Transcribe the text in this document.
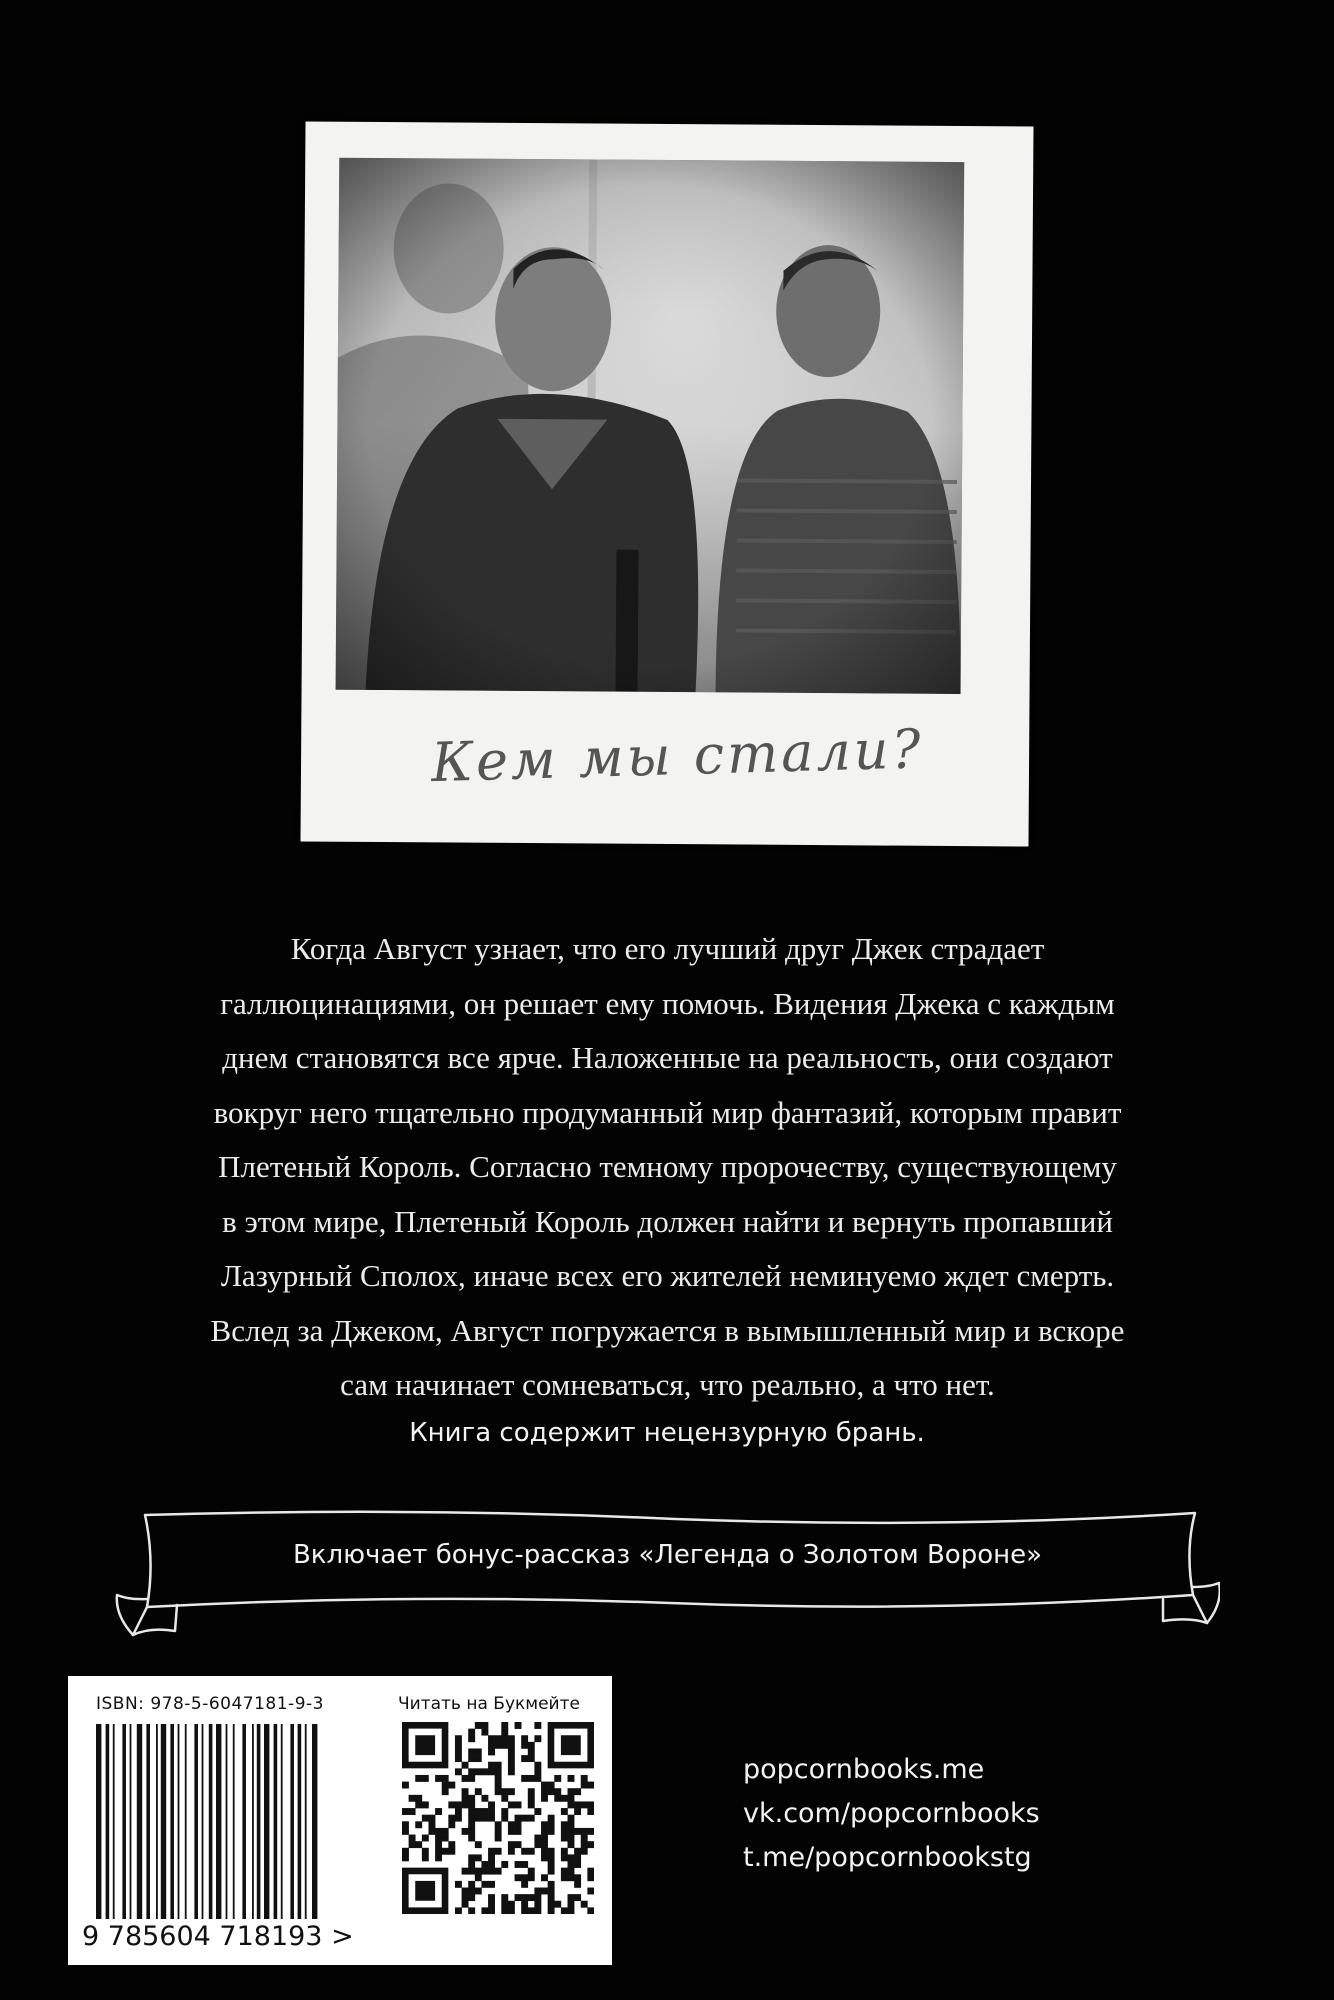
Кем мы стали?

Когда Август узнает, что его лучший друг Джек страдает

галлюцинациями, он решает ему помочь. Видения Джека с каждым

днем становятся все ярче. Наложенные на реальность, они создают

вокруг него тщательно продуманный мир фантазий, которым правит

Плетеный Король. Согласно темному пророчеству, существующему

в этом мире, Плетеный Король должен найти и вернуть пропавший

Лазурный Сполох, иначе всех его жителей неминуемо ждет смерть.

Вслед за Джеком, Август погружается в вымышленный мир и вскоре

сам начинает сомневаться, что реально, а что нет.

Книга содержит нецензурную брань.
Включает бонус-рассказ «Легенда о Золотом Вороне»
ISBN: 978-5-6047181-9-3
9 785604 718193 >
Читать на Букмейте
popcornbooks.me
vk.com/popcornbooks
t.me/popcornbookstg
